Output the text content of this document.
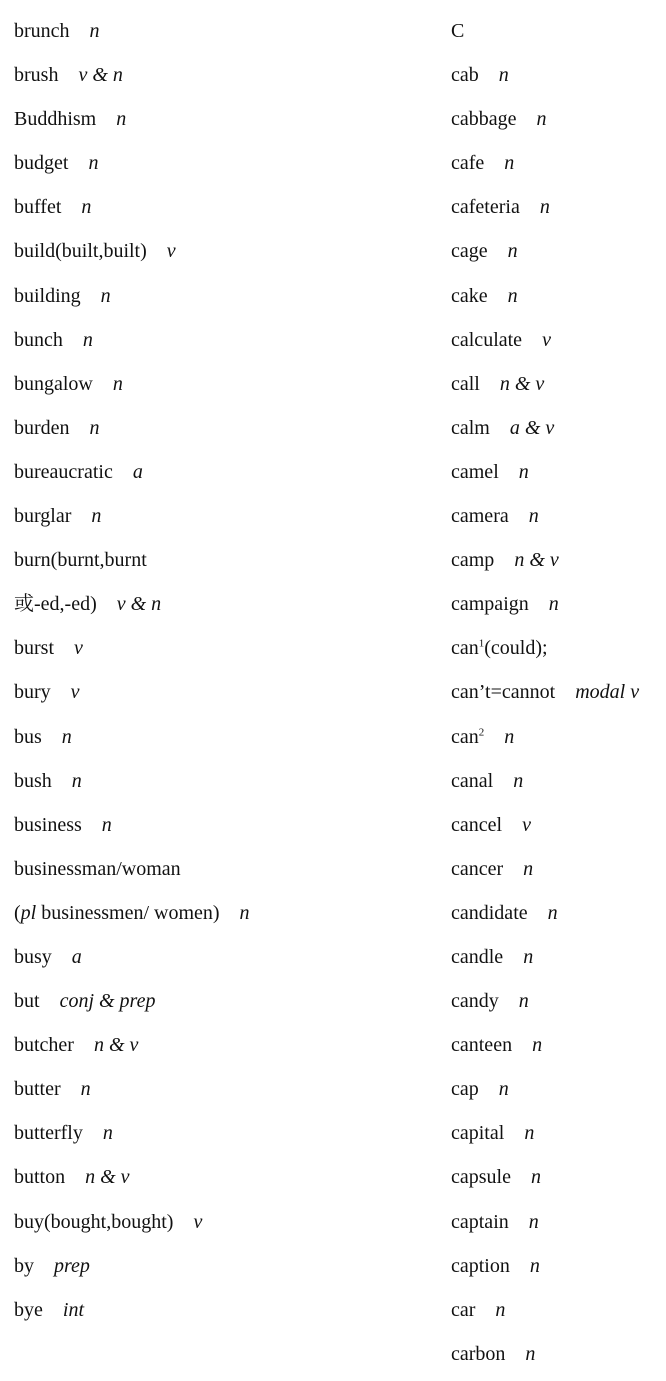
brunch n
brush v & n
Buddhism n
budget n
buffet n
build(built,built) v
building n
bunch n
bungalow n
burden n
bureaucratic a
burglar n
burn(burnt,burnt
或-ed,-ed) v & n
burst v
bury v
bus n
bush n
business n
businessman/woman
(pl businessmen/ women) n
busy a
but conj & prep
butcher n & v
butter n
butterfly n
button n & v
buy(bought,bought) v
by prep
bye int
C
cab n
cabbage n
cafe n
cafeteria n
cage n
cake n
calculate v
call n & v
calm a & v
camel n
camera n
camp n & v
campaign n
can$^1$(could);
can’t=cannot modal v
can$^2$ n
canal n
cancel v
cancer n
candidate n
candle n
candy n
canteen n
cap n
capital n
capsule n
captain n
caption n
car n
carbon n
